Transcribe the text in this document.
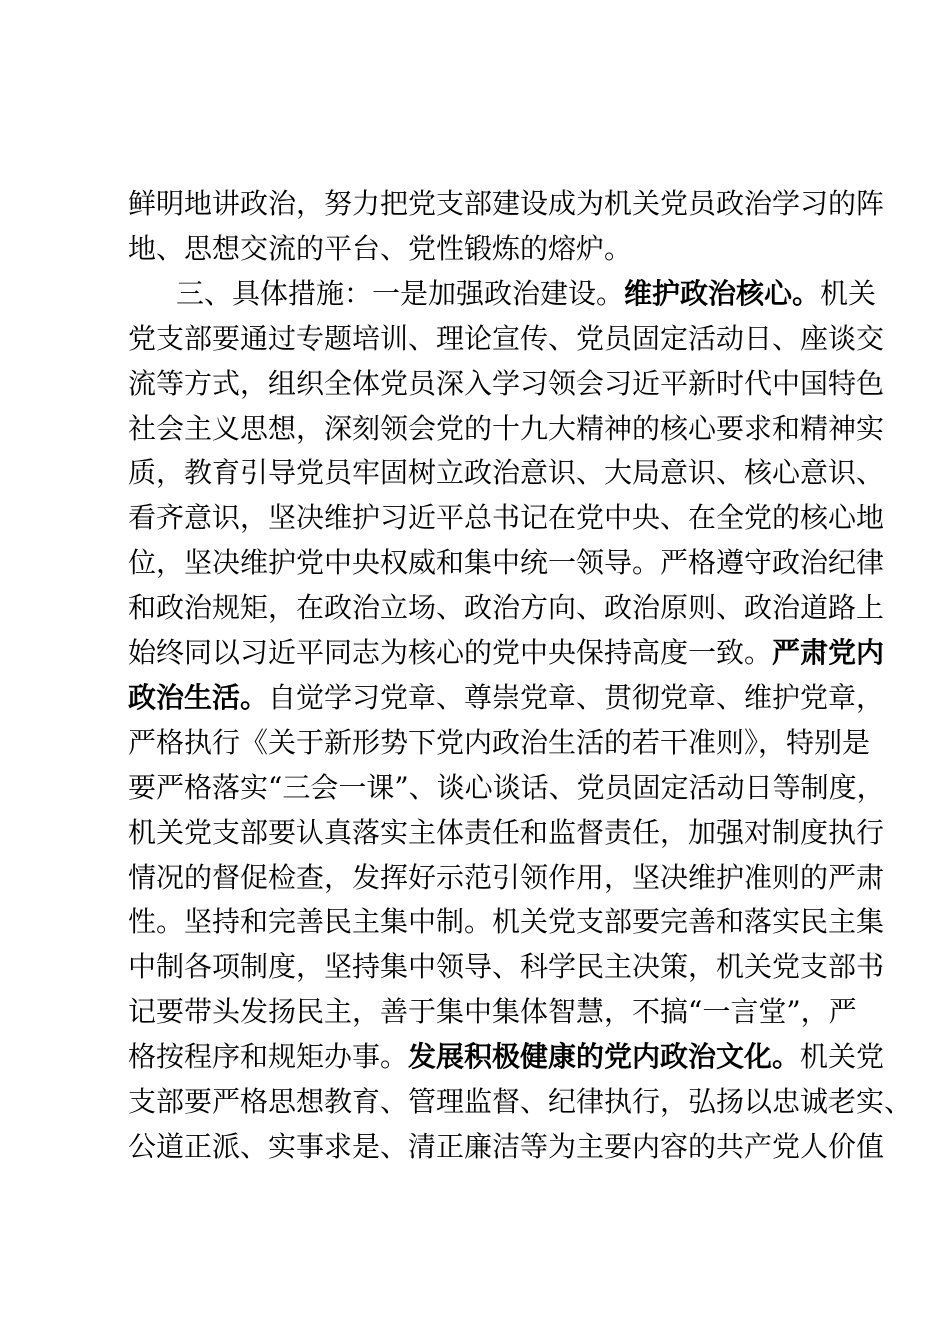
鲜明地讲政治，努力把党支部建设成为机关党员政治学习的阵
地、思想交流的平台、党性锻炼的熔炉。
三、具体措施：一是加强政治建设。维护政治核心。机关
党支部要通过专题培训、理论宣传、党员固定活动日、座谈交
流等方式，组织全体党员深入学习领会习近平新时代中国特色
社会主义思想，深刻领会党的十九大精神的核心要求和精神实
质，教育引导党员牢固树立政治意识、大局意识、核心意识、
看齐意识，坚决维护习近平总书记在党中央、在全党的核心地
位，坚决维护党中央权威和集中统一领导。严格遵守政治纪律
和政治规矩，在政治立场、政治方向、政治原则、政治道路上
始终同以习近平同志为核心的党中央保持高度一致。严肃党内
政治生活。自觉学习党章、尊崇党章、贯彻党章、维护党章，
严格执行《关于新形势下党内政治生活的若干准则》，特别是
要严格落实“三会一课”、谈心谈话、党员固定活动日等制度，
机关党支部要认真落实主体责任和监督责任，加强对制度执行
情况的督促检查，发挥好示范引领作用，坚决维护准则的严肃
性。坚持和完善民主集中制。机关党支部要完善和落实民主集
中制各项制度，坚持集中领导、科学民主决策，机关党支部书
记要带头发扬民主，善于集中集体智慧，不搞“一言堂”，严
格按程序和规矩办事。发展积极健康的党内政治文化。机关党
支部要严格思想教育、管理监督、纪律执行，弘扬以忠诚老实、
公道正派、实事求是、清正廉洁等为主要内容的共产党人价值
